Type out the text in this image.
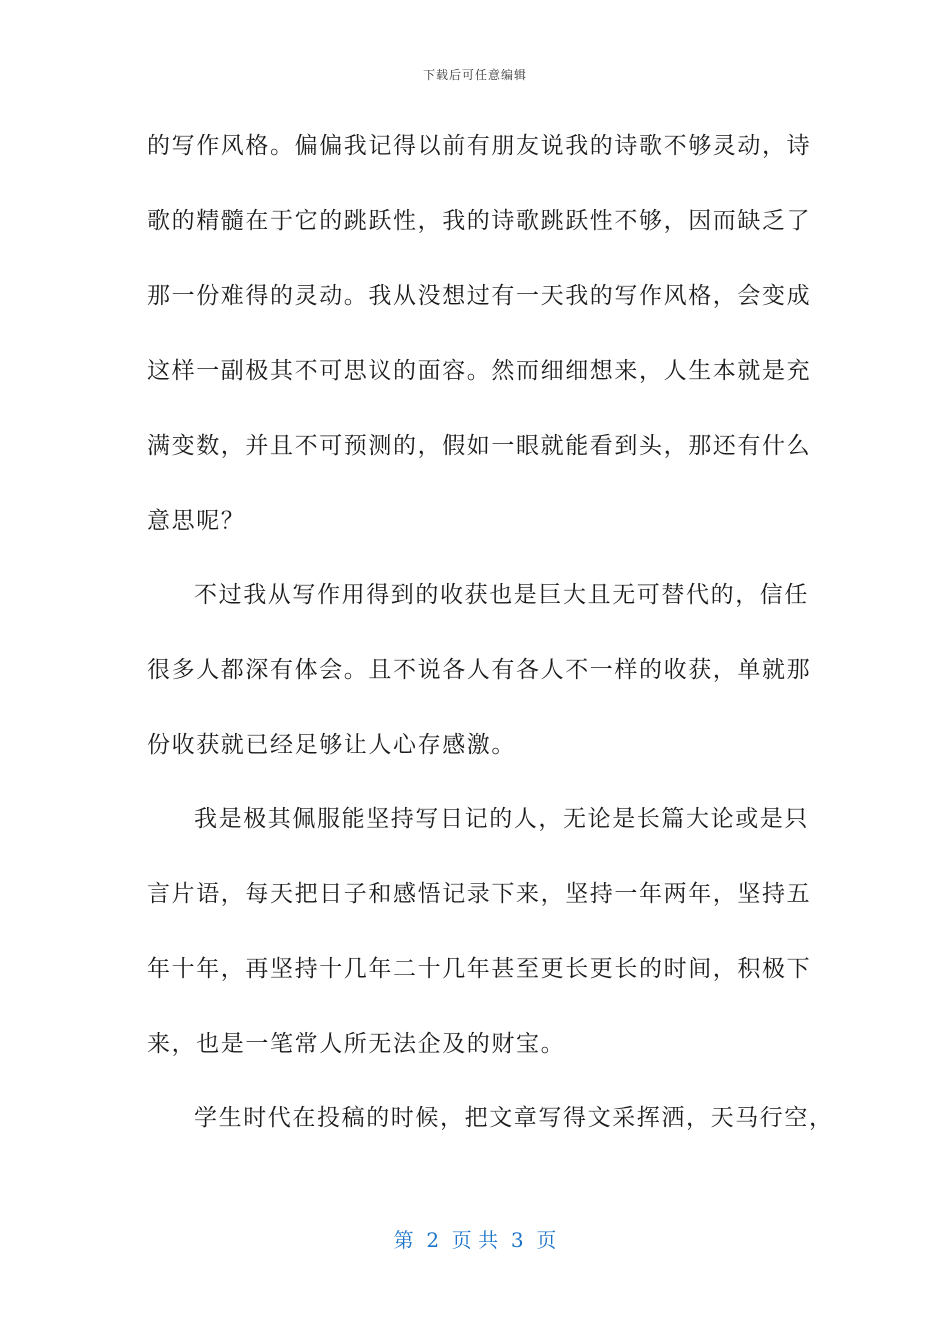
下载后可任意编辑
的写作风格。偏偏我记得以前有朋友说我的诗歌不够灵动，诗
歌的精髓在于它的跳跃性，我的诗歌跳跃性不够，因而缺乏了
那一份难得的灵动。我从没想过有一天我的写作风格，会变成
这样一副极其不可思议的面容。然而细细想来，人生本就是充
满变数，并且不可预测的，假如一眼就能看到头，那还有什么
意思呢？
不过我从写作用得到的收获也是巨大且无可替代的，信任
很多人都深有体会。且不说各人有各人不一样的收获，单就那
份收获就已经足够让人心存感激。
我是极其佩服能坚持写日记的人，无论是长篇大论或是只
言片语，每天把日子和感悟记录下来，坚持一年两年，坚持五
年十年，再坚持十几年二十几年甚至更长更长的时间，积极下
来，也是一笔常人所无法企及的财宝。
学生时代在投稿的时候，把文章写得文采挥洒，天马行空，
第  2  页 共  3  页
